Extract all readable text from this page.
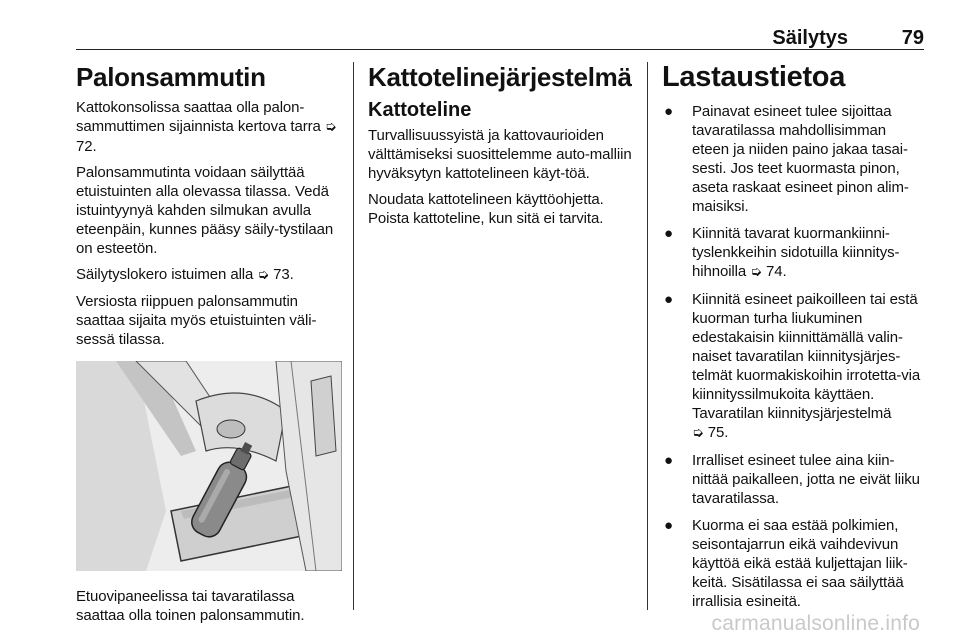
Säilytys	79
Palonsammutin

Kattokonsolissa saattaa olla palon-sammuttimen sijainnista kertova tarra ➭ 72.

Palonsammutinta voidaan säilyttää etuistuinten alla olevassa tilassa. Vedä istuintyynyä kahden silmukan avulla eteenpäin, kunnes pääsy säily-tystilaan on esteetön.

Säilytyslokero istuimen alla ➭ 73.

Versiosta riippuen palonsammutin saattaa sijaita myös etuistuinten väli-sessä tilassa.

Etuovipaneelissa tai tavaratilassa saattaa olla toinen palonsammutin.

Kattotelinejärjestelmä
Kattoteline

Turvallisuussyistä ja kattovaurioiden välttämiseksi suosittelemme auto-malliin hyväksytyn kattotelineen käyt-töä.

Noudata kattotelineen käyttöohjetta. Poista kattoteline, kun sitä ei tarvita.

Lastaustietoa
● Painavat esineet tulee sijoittaa tavaratilassa mahdollisimman eteen ja niiden paino jakaa tasai-sesti. Jos teet kuormasta pinon, aseta raskaat esineet pinon alim-maisiksi.
● Kiinnitä tavarat kuormankiinni-tyslenkkeihin sidotuilla kiinnitys-hihnoilla ➭ 74.
● Kiinnitä esineet paikoilleen tai estä kuorman turha liukuminen edestakaisin kiinnittämällä valin-naiset tavaratilan kiinnitysjärjes-telmät kuormakiskoihin irrotetta-via kiinnityssilmukoita käyttäen. Tavaratilan kiinnitysjärjestelmä
➭ 75.
● Irralliset esineet tulee aina kiin-nittää paikalleen, jotta ne eivät liiku tavaratilassa.
● Kuorma ei saa estää polkimien, seisontajarrun eikä vaihdevivun käyttöä eikä estää kuljettajan liik-keitä. Sisätilassa ei saa säilyttää irrallisia esineitä.
carmanualsonline.info
